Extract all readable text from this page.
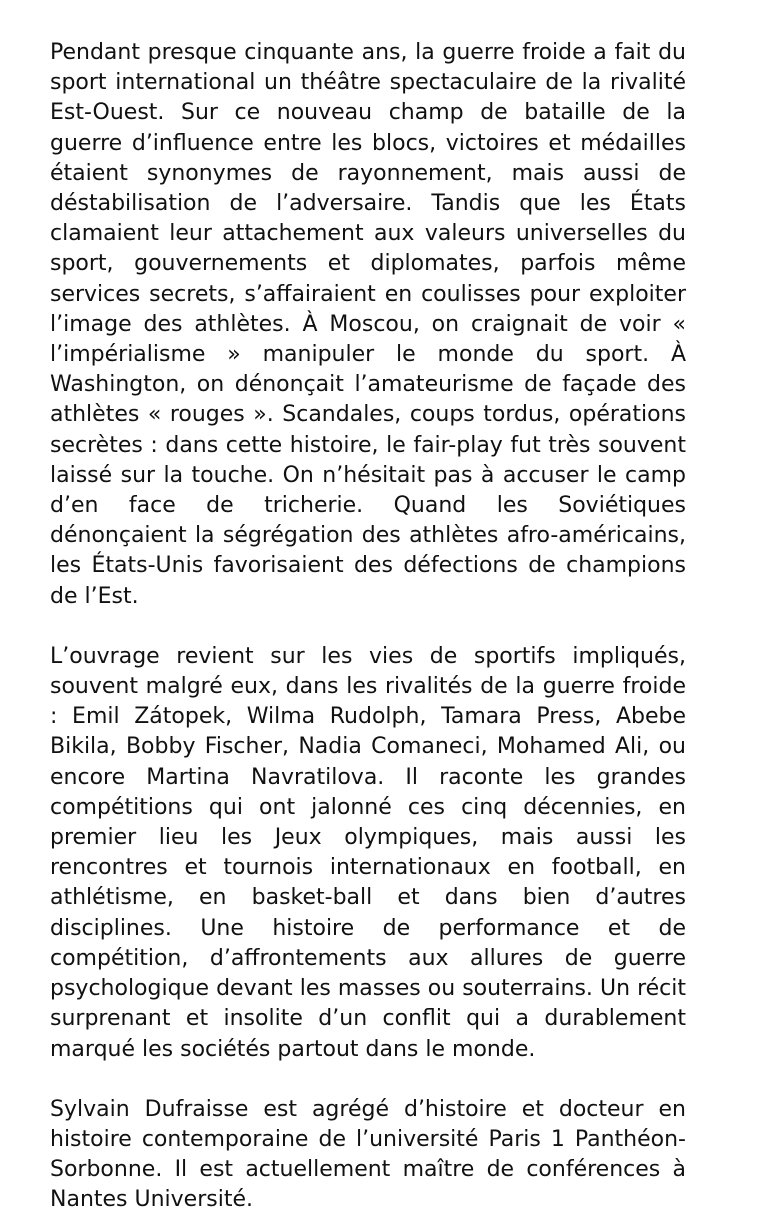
Pendant presque cinquante ans, la guerre froide a fait du sport international un théâtre spectaculaire de la rivalité Est-Ouest. Sur ce nouveau champ de bataille de la guerre d’influence entre les blocs, victoires et médailles étaient synonymes de rayonnement, mais aussi de déstabilisation de l’adversaire. Tandis que les États clamaient leur attachement aux valeurs universelles du sport, gouvernements et diplomates, parfois même services secrets, s’affairaient en coulisses pour exploiter l’image des athlètes. À Moscou, on craignait de voir « l’impérialisme » manipuler le monde du sport. À Washington, on dénonçait l’amateurisme de façade des athlètes « rouges ». Scandales, coups tordus, opérations secrètes : dans cette histoire, le fair-play fut très souvent laissé sur la touche. On n’hésitait pas à accuser le camp d’en face de tricherie. Quand les Soviétiques dénonçaient la ségrégation des athlètes afro-américains, les États-Unis favorisaient des défections de champions de l’Est.

L’ouvrage revient sur les vies de sportifs impliqués, souvent malgré eux, dans les rivalités de la guerre froide : Emil Zátopek, Wilma Rudolph, Tamara Press, Abebe Bikila, Bobby Fischer, Nadia Comaneci, Mohamed Ali, ou encore Martina Navratilova. Il raconte les grandes compétitions qui ont jalonné ces cinq décennies, en premier lieu les Jeux olympiques, mais aussi les rencontres et tournois internationaux en football, en athlétisme, en basket-ball et dans bien d’autres disciplines. Une histoire de performance et de compétition, d’affrontements aux allures de guerre psychologique devant les masses ou souterrains. Un récit surprenant et insolite d’un conflit qui a durablement marqué les sociétés partout dans le monde.

Sylvain Dufraisse est agrégé d’histoire et docteur en histoire contemporaine de l’université Paris 1 Panthéon-Sorbonne. Il est actuellement maître de conférences à Nantes Université.
